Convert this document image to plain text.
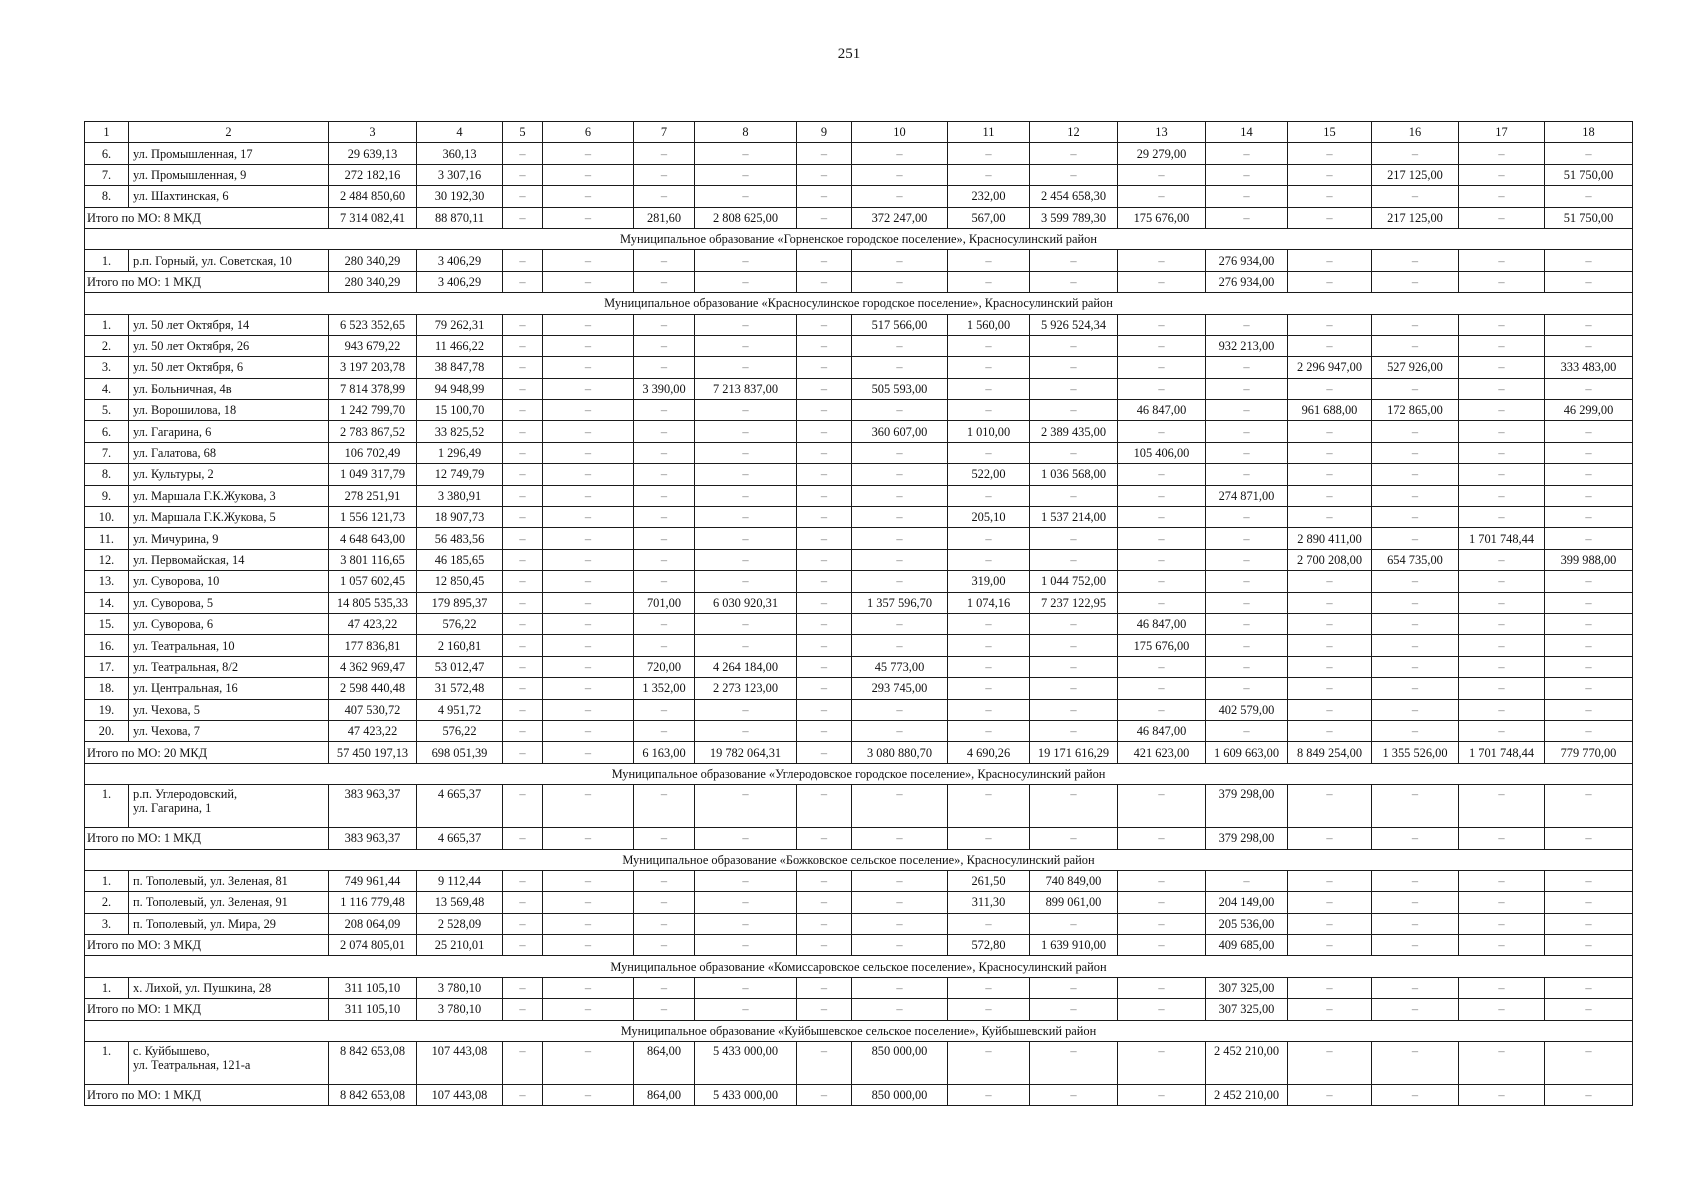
251
1	2	3	4	5	6	7	8	9	10	11	12	13	14	15	16	17	18
6.	ул. Промышленная, 17	29 639,13	360,13	–	–	–	–	–	–	–	–	29 279,00	–	–	–	–	–
7.	ул. Промышленная, 9	272 182,16	3 307,16	–	–	–	–	–	–	–	–	–	–	–	217 125,00	–	51 750,00
8.	ул. Шахтинская, 6	2 484 850,60	30 192,30	–	–	–	–	–	–	232,00	2 454 658,30	–	–	–	–	–	–
Итого по МО: 8 МКД		7 314 082,41	88 870,11	–	–	281,60	2 808 625,00	–	372 247,00	567,00	3 599 789,30	175 676,00	–	–	217 125,00	–	51 750,00
Муниципальное образование «Горненское городское поселение», Красносулинский район																	
1.	р.п. Горный, ул. Советская, 10	280 340,29	3 406,29	–	–	–	–	–	–	–	–	–	276 934,00	–	–	–	–
Итого по МО: 1 МКД		280 340,29	3 406,29	–	–	–	–	–	–	–	–	–	276 934,00	–	–	–	–
Муниципальное образование «Красносулинское городское поселение», Красносулинский район																	
1.	ул. 50 лет Октября, 14	6 523 352,65	79 262,31	–	–	–	–	–	517 566,00	1 560,00	5 926 524,34	–	–	–	–	–	–
2.	ул. 50 лет Октября, 26	943 679,22	11 466,22	–	–	–	–	–	–	–	–	–	932 213,00	–	–	–	–
3.	ул. 50 лет Октября, 6	3 197 203,78	38 847,78	–	–	–	–	–	–	–	–	–	–	2 296 947,00	527 926,00	–	333 483,00
4.	ул. Больничная, 4в	7 814 378,99	94 948,99	–	–	3 390,00	7 213 837,00	–	505 593,00	–	–	–	–	–	–	–	–
5.	ул. Ворошилова, 18	1 242 799,70	15 100,70	–	–	–	–	–	–	–	–	46 847,00	–	961 688,00	172 865,00	–	46 299,00
6.	ул. Гагарина, 6	2 783 867,52	33 825,52	–	–	–	–	–	360 607,00	1 010,00	2 389 435,00	–	–	–	–	–	–
7.	ул. Галатова, 68	106 702,49	1 296,49	–	–	–	–	–	–	–	–	105 406,00	–	–	–	–	–
8.	ул. Культуры, 2	1 049 317,79	12 749,79	–	–	–	–	–	–	522,00	1 036 568,00	–	–	–	–	–	–
9.	ул. Маршала Г.К.Жукова, 3	278 251,91	3 380,91	–	–	–	–	–	–	–	–	–	274 871,00	–	–	–	–
10.	ул. Маршала Г.К.Жукова, 5	1 556 121,73	18 907,73	–	–	–	–	–	–	205,10	1 537 214,00	–	–	–	–	–	–
11.	ул. Мичурина, 9	4 648 643,00	56 483,56	–	–	–	–	–	–	–	–	–	–	2 890 411,00	–	1 701 748,44	–
12.	ул. Первомайская, 14	3 801 116,65	46 185,65	–	–	–	–	–	–	–	–	–	–	2 700 208,00	654 735,00	–	399 988,00
13.	ул. Суворова, 10	1 057 602,45	12 850,45	–	–	–	–	–	–	319,00	1 044 752,00	–	–	–	–	–	–
14.	ул. Суворова, 5	14 805 535,33	179 895,37	–	–	701,00	6 030 920,31	–	1 357 596,70	1 074,16	7 237 122,95	–	–	–	–	–	–
15.	ул. Суворова, 6	47 423,22	576,22	–	–	–	–	–	–	–	–	46 847,00	–	–	–	–	–
16.	ул. Театральная, 10	177 836,81	2 160,81	–	–	–	–	–	–	–	–	175 676,00	–	–	–	–	–
17.	ул. Театральная, 8/2	4 362 969,47	53 012,47	–	–	720,00	4 264 184,00	–	45 773,00	–	–	–	–	–	–	–	–
18.	ул. Центральная, 16	2 598 440,48	31 572,48	–	–	1 352,00	2 273 123,00	–	293 745,00	–	–	–	–	–	–	–	–
19.	ул. Чехова, 5	407 530,72	4 951,72	–	–	–	–	–	–	–	–	–	402 579,00	–	–	–	–
20.	ул. Чехова, 7	47 423,22	576,22	–	–	–	–	–	–	–	–	46 847,00	–	–	–	–	–
Итого по МО: 20 МКД		57 450 197,13	698 051,39	–	–	6 163,00	19 782 064,31	–	3 080 880,70	4 690,26	19 171 616,29	421 623,00	1 609 663,00	8 849 254,00	1 355 526,00	1 701 748,44	779 770,00
Муниципальное образование «Углеродовское городское поселение», Красносулинский район																	
1.	р.п. Углеродовский,
ул. Гагарина, 1	383 963,37	4 665,37	–	–	–	–	–	–	–	–	–	379 298,00	–	–	–	–
Итого по МО: 1 МКД		383 963,37	4 665,37	–	–	–	–	–	–	–	–	–	379 298,00	–	–	–	–
Муниципальное образование «Божковское сельское поселение», Красносулинский район																	
1.	п. Тополевый, ул. Зеленая, 81	749 961,44	9 112,44	–	–	–	–	–	–	261,50	740 849,00	–	–	–	–	–	–
2.	п. Тополевый, ул. Зеленая, 91	1 116 779,48	13 569,48	–	–	–	–	–	–	311,30	899 061,00	–	204 149,00	–	–	–	–
3.	п. Тополевый, ул. Мира, 29	208 064,09	2 528,09	–	–	–	–	–	–	–	–	–	205 536,00	–	–	–	–
Итого по МО: 3 МКД		2 074 805,01	25 210,01	–	–	–	–	–	–	572,80	1 639 910,00	–	409 685,00	–	–	–	–
Муниципальное образование «Комиссаровское сельское поселение», Красносулинский район																	
1.	х. Лихой, ул. Пушкина, 28	311 105,10	3 780,10	–	–	–	–	–	–	–	–	–	307 325,00	–	–	–	–
Итого по МО: 1 МКД		311 105,10	3 780,10	–	–	–	–	–	–	–	–	–	307 325,00	–	–	–	–
Муниципальное образование «Куйбышевское сельское поселение», Куйбышевский район																	
1.	с. Куйбышево,
ул. Театральная, 121-а	8 842 653,08	107 443,08	–	–	864,00	5 433 000,00	–	850 000,00	–	–	–	2 452 210,00	–	–	–	–
Итого по МО: 1 МКД		8 842 653,08	107 443,08	–	–	864,00	5 433 000,00	–	850 000,00	–	–	–	2 452 210,00	–	–	–	–
